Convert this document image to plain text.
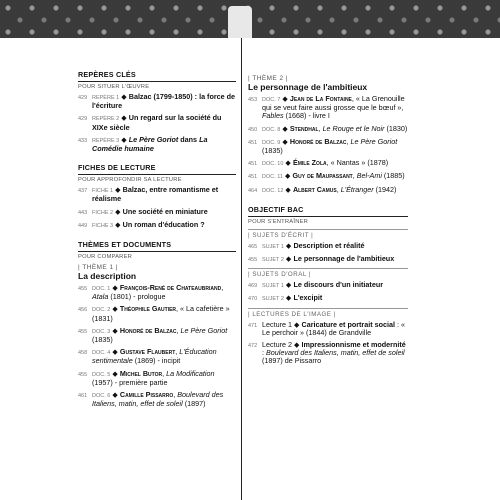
REPÈRES CLÉS
POUR SITUER L'ŒUVRE
429 REPÈRE 1 ◆ Balzac (1799-1850) : la force de l'écriture
429 REPÈRE 2 ◆ Un regard sur la société du XIXe siècle
433 REPÈRE 3 ◆ Le Père Goriot dans La Comédie humaine
FICHES DE LECTURE
POUR APPROFONDIR SA LECTURE
437 FICHE 1 ◆ Balzac, entre romantisme et réalisme
443 FICHE 2 ◆ Une société en miniature
449 FICHE 3 ◆ Un roman d'éducation ?
THÈMES ET DOCUMENTS
POUR COMPARER
| THÈME 1 |
La description
455 DOC. 1 ◆ François-René de Chateaubriand, Atala (1801) - prologue
456 DOC. 2 ◆ Théophile Gautier, « La cafetière » (1831)
455 DOC. 3 ◆ Honoré de Balzac, Le Père Goriot (1835)
458 DOC. 4 ◆ Gustave Flaubert, L'Éducation sentimentale (1869) - incipit
455 DOC. 5 ◆ Michel Butor, La Modification (1957) - première partie
461 DOC. 6 ◆ Camille Pissarro, Boulevard des Italiens, matin, effet de soleil (1897)
| THÈME 2 |
Le personnage de l'ambitieux
453 DOC. 7 ◆ Jean de La Fontaine, « La Grenouille qui se veut faire aussi grosse que le bœuf », Fables (1668) - livre I
450 DOC. 8 ◆ Stendhal, Le Rouge et le Noir (1830)
451 DOC. 9 ◆ Honoré de Balzac, Le Père Goriot (1835)
451 DOC. 10 ◆ Émile Zola, « Nantas » (1878)
451 DOC. 11 ◆ Guy de Maupassant, Bel-Ami (1885)
464 DOC. 12 ◆ Albert Camus, L'Étranger (1942)
OBJECTIF BAC
POUR S'ENTRAÎNER
| SUJETS D'ÉCRIT |
465 SUJET 1 ◆ Description et réalité
455 SUJET 2 ◆ Le personnage de l'ambitieux
| SUJETS D'ORAL |
469 SUJET 1 ◆ Le discours d'un initiateur
470 SUJET 2 ◆ L'excipit
| LECTURES DE L'IMAGE |
471 Lecture 1 ◆ Caricature et portrait social : « Le perchoir » (1844) de Grandville
472 Lecture 2 ◆ Impressionnisme et modernité : Boulevard des Italiens, matin, effet de soleil (1897) de Pissarro
